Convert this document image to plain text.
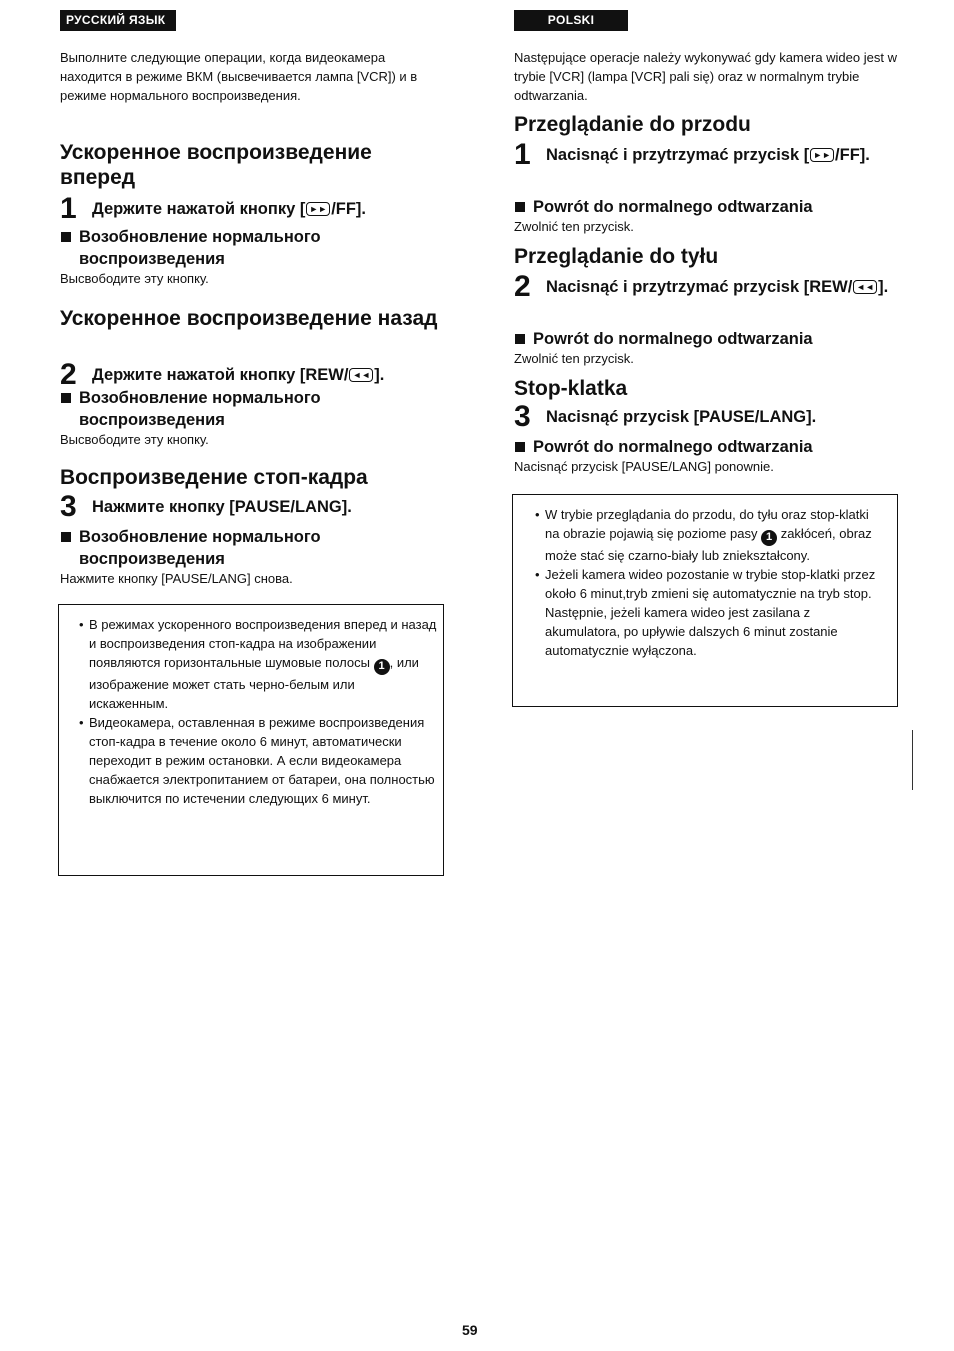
РУССКИЙ ЯЗЫК

Выполните следующие операции, когда видеокамера находится в режиме ВКМ (высвечивается лампа [VCR]) и в режиме нормального воспроизведения.

Ускоренное воспроизведение вперед
1 Держите нажатой кнопку [ ►► /FF].
Возобновление нормального воспроизведения

Высвободите эту кнопку.

Ускоренное воспроизведение назад
2 Держите нажатой кнопку [REW/ ◄◄ ].
Возобновление нормального воспроизведения

Высвободите эту кнопку.

Воспроизведение стоп-кадра
3 Нажмите кнопку [PAUSE/LANG].
Возобновление нормального воспроизведения

Нажмите кнопку [PAUSE/LANG] снова.

• В режимах ускоренного воспроизведения вперед и назад и воспроизведения стоп-кадра на изображении появляются горизонтальные шумовые полосы 1 , или изображение может стать черно-белым или искаженным.
• Видеокамера, оставленная в режиме воспроизведения стоп-кадра в течение около 6 минут, автоматически переходит в режим остановки. А если видеокамера снабжается электропитанием от батареи, она полностью выключится по истечении следующих 6 минут.
POLSKI

Następujące operacje należy wykonywać gdy kamera wideo jest w trybie [VCR] (lampa [VCR] pali się) oraz w normalnym trybie odtwarzania.

Przeglądanie do przodu
1 Nacisnąć i przytrzymać przycisk [ ►► /FF].
Powrót do normalnego odtwarzania

Zwolnić ten przycisk.

Przeglądanie do tyłu
2 Nacisnąć i przytrzymać przycisk [REW/ ◄◄ ].
Powrót do normalnego odtwarzania

Zwolnić ten przycisk.

Stop-klatka
3 Nacisnąć przycisk [PAUSE/LANG].
Powrót do normalnego odtwarzania

Nacisnąć przycisk [PAUSE/LANG] ponownie.

• W trybie przeglądania do przodu, do tyłu oraz stop-klatki na obrazie pojawią się poziome pasy 1 zakłóceń, obraz może stać się czarno-biały lub zniekształcony.
• Jeżeli kamera wideo pozostanie w trybie stop-klatki przez około 6 minut,tryb zmieni się automatycznie na tryb stop. Następnie, jeżeli kamera wideo jest zasilana z akumulatora, po upływie dalszych 6 minut zostanie automatycznie wyłączona.
59
